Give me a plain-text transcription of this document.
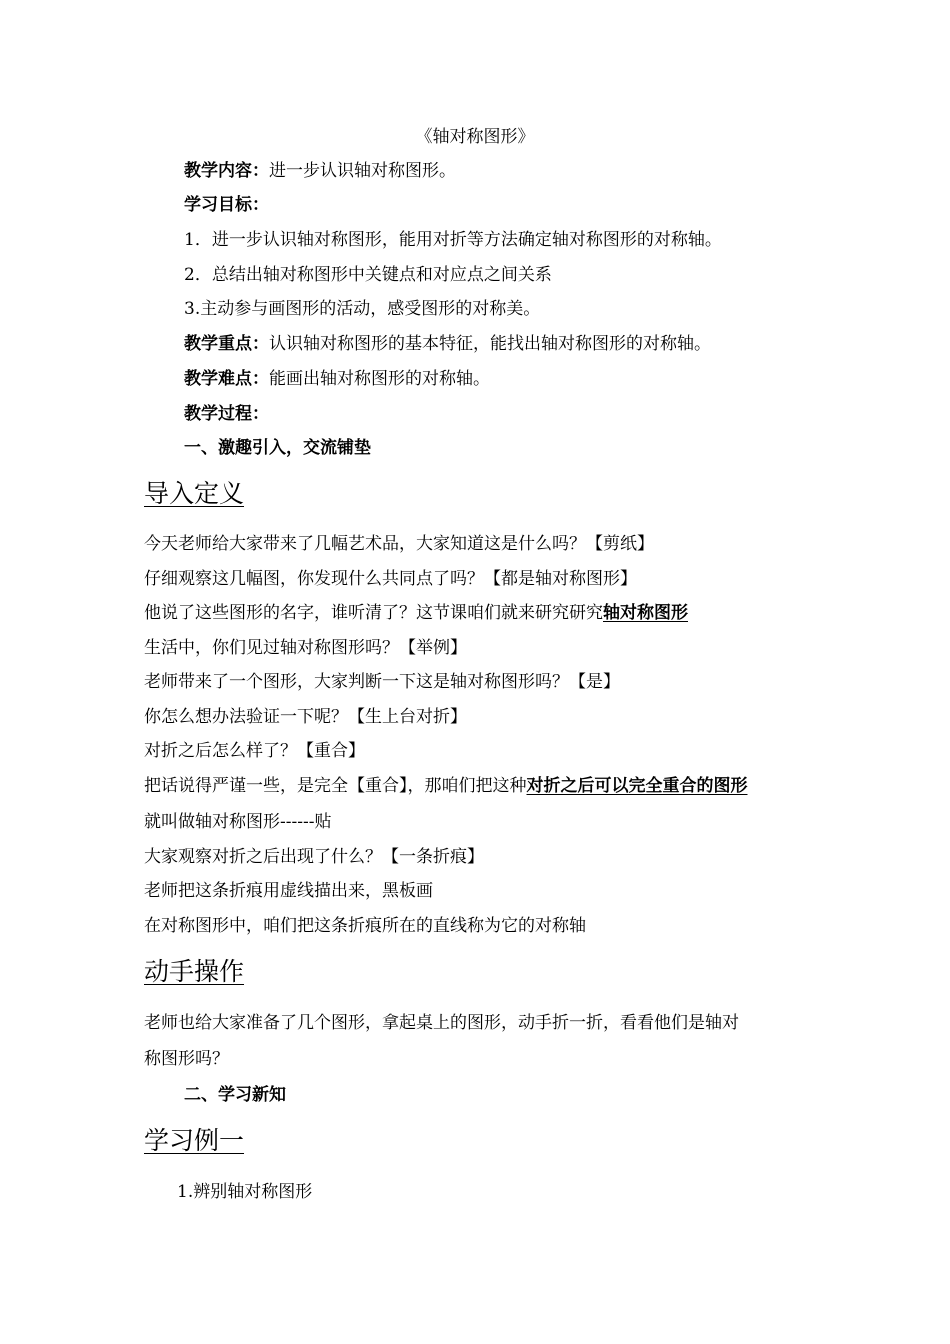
《轴对称图形》
教学内容：进一步认识轴对称图形。
学习目标：
1．进一步认识轴对称图形，能用对折等方法确定轴对称图形的对称轴。
2．总结出轴对称图形中关键点和对应点之间关系
3.主动参与画图形的活动，感受图形的对称美。
教学重点：认识轴对称图形的基本特征，能找出轴对称图形的对称轴。
教学难点：能画出轴对称图形的对称轴。
教学过程：
一、激趣引入，交流铺垫
导入定义
今天老师给大家带来了几幅艺术品，大家知道这是什么吗？【剪纸】
仔细观察这几幅图，你发现什么共同点了吗？【都是轴对称图形】
他说了这些图形的名字，谁听清了？这节课咱们就来研究研究轴对称图形
生活中，你们见过轴对称图形吗？【举例】
老师带来了一个图形，大家判断一下这是轴对称图形吗？【是】
你怎么想办法验证一下呢？【生上台对折】
对折之后怎么样了？【重合】
把话说得严谨一些，是完全【重合】，那咱们把这种对折之后可以完全重合的图形
就叫做轴对称图形------贴
大家观察对折之后出现了什么？【一条折痕】
老师把这条折痕用虚线描出来，黑板画
在对称图形中，咱们把这条折痕所在的直线称为它的对称轴
动手操作
老师也给大家准备了几个图形，拿起桌上的图形，动手折一折，看看他们是轴对
称图形吗？
二、学习新知
学习例一
1.辨别轴对称图形
